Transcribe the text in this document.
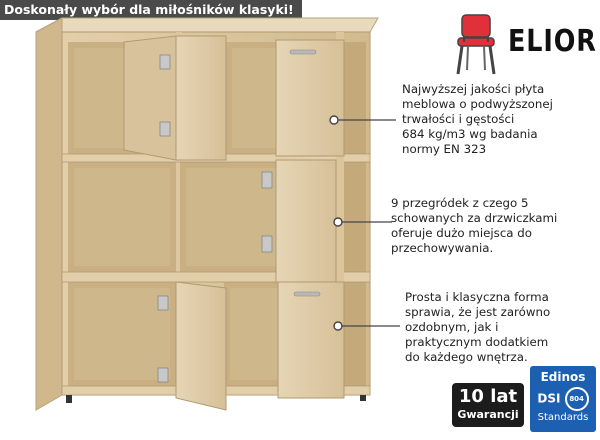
Doskonały wybór dla miłośników klasyki!
ELIOR
Najwyższej jakości płyta
meblowa o podwyższonej
trwałości i gęstości
684 kg/m3 wg badania
normy EN 323
9 przegródek z czego 5
schowanych za drzwiczkami
oferuje dużo miejsca do
przechowywania.
Prosta i klasyczna forma
sprawia, że jest zarówno
ozdobnym, jak i
praktycznym dodatkiem
do każdego wnętrza.
10 lat
Gwarancji
Edinos
DSI 804
Standards
